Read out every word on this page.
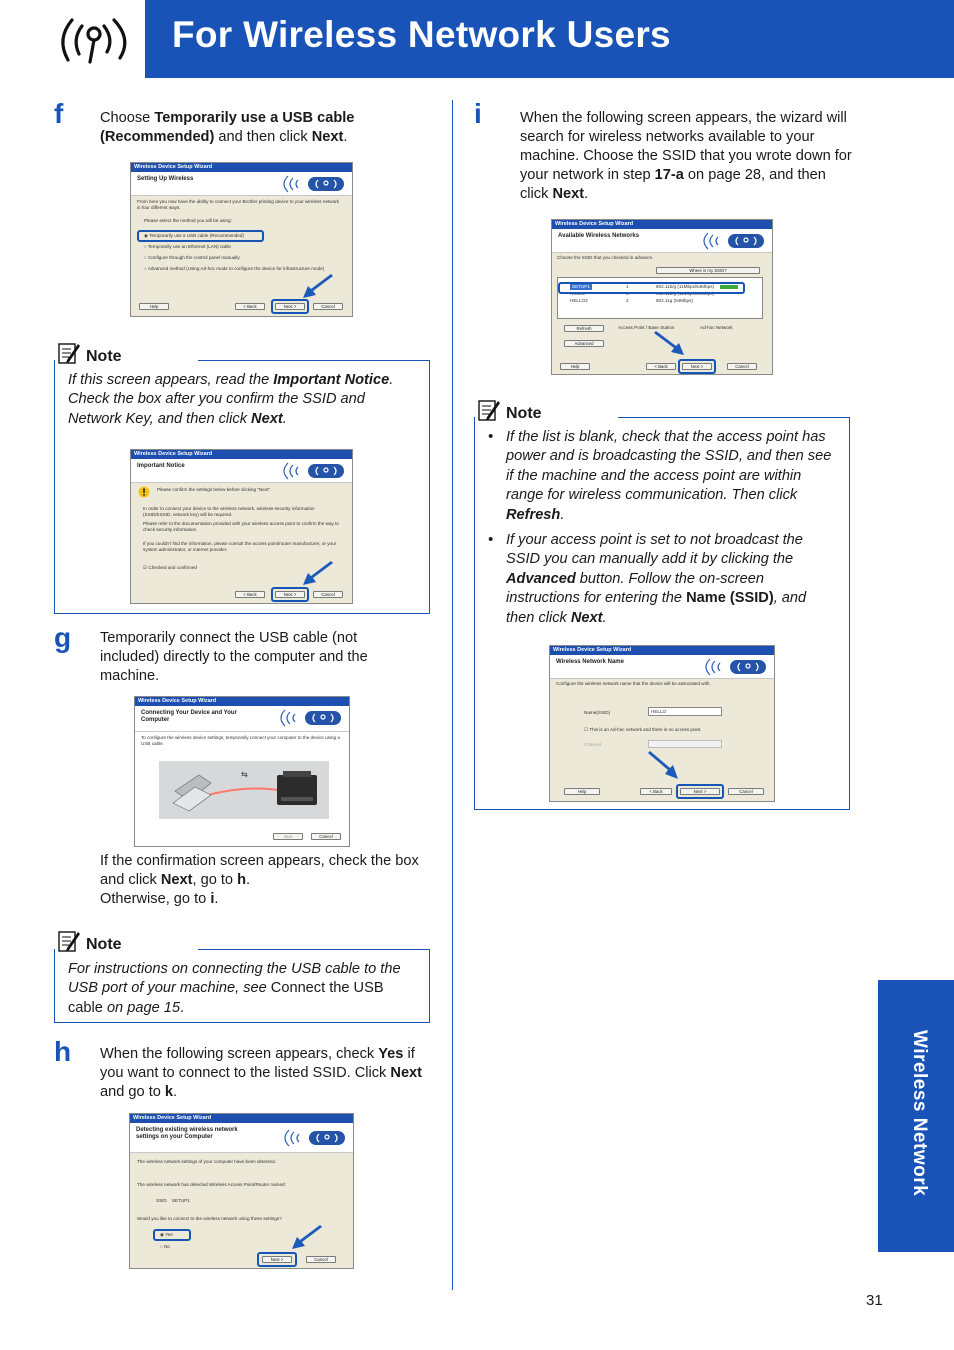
For Wireless Network Users
f	Choose Temporarily use a USB cable (Recommended) and then click Next.
Wireless Device Setup Wizard
Setting Up Wireless
From here you now have the ability to connect your Brother printing device to your wireless network in four different ways.
Please select the method you will be using:
◉ Temporarily use a USB cable (Recommended)
○ Temporarily use an Ethernet (LAN) cable
○ Configure through the control panel manually
○ Advanced method (Using Ad-hoc mode to configure the device for infrastructure mode)
Help	< Back	Next >	Cancel
Note
If this screen appears, read the Important Notice. Check the box after you confirm the SSID and Network Key, and then click Next.
Wireless Device Setup Wizard
Important Notice
Please confirm the settings below before clicking "Next".
In order to connect your device to the wireless network, wireless-security information (SSID/ESSID, network key) will be required.
Please refer to the documentation provided with your wireless access point to confirm the way to check security information.
If you couldn't find the information, please consult the access point/router manufacturer, or your system administrator, or internet provider.
☑ Checked and confirmed
< Back	Next >	Cancel
g Temporarily connect the USB cable (not included) directly to the computer and the machine.
Wireless Device Setup Wizard
Connecting Your Device and Your Computer
To configure the wireless device settings, temporarily connect your computer to the device using a USB cable.
⇆
Next	Cancel
If the confirmation screen appears, check the box and click Next, go to h.
Otherwise, go to i.
Note
For instructions on connecting the USB cable to the USB port of your machine, see Connect the USB cable on page 15.
h When the following screen appears, check Yes if you want to connect to the listed SSID. Click Next and go to k.
Wireless Device Setup Wizard
Detecting existing wireless network settings on your Computer
The wireless network settings of your computer have been detected.
The wireless network has detected Wireless Access Point/Router named:
SSID SETUP1
Would you like to connect to the wireless network using these settings?
◉ Yes
○ No
Next >	Cancel
i	When the following screen appears, the wizard will search for wireless networks available to your machine. Choose the SSID that you wrote down for your network in step 17-a on page 28, and then click Next.
Wireless Device Setup Wizard
Available Wireless Networks
Choose the SSID that you checked in advance.
Where is my SSID?
SETUP1	1	802.11b/g (11Mbps/54Mbps)
HELLO	6	802.11b/g (11Mbps/54Mbps)
HELLO2	2	802.11g (54Mbps)
Refresh
Advanced
Access Point / Base Station	Ad-hoc Network
Help	< Back	Next >	Cancel
Note
• If the list is blank, check that the access point has power and is broadcasting the SSID, and then see if the machine and the access point are within range for wireless communication. Then click Refresh.
• If your access point is set to not broadcast the SSID you can manually add it by clicking the Advanced button. Follow the on-screen instructions for entering the Name (SSID), and then click Next.
Wireless Device Setup Wizard
Wireless Network Name
Configure the wireless network name that the device will be associated with.
Name(SSID)	HELLO
☐ This is an Ad-hoc network and there is no access point.
Channel
Help	< Back	Next >	Cancel
Wireless Network
31
